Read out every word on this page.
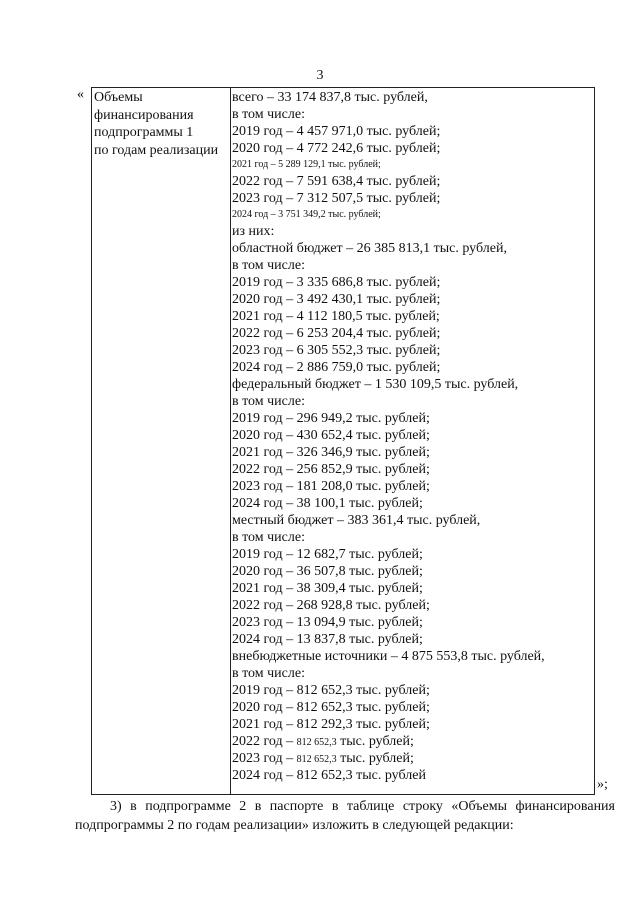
3
« Объемы
финансирования
подпрограммы 1
по годам реализации
всего – 33 174 837,8 тыс. рублей,
в том числе:
2019 год – 4 457 971,0 тыс. рублей;
2020 год – 4 772 242,6 тыс. рублей;
2021 год – 5 289 129,1 тыс. рублей;
2022 год – 7 591 638,4 тыс. рублей;
2023 год – 7 312 507,5 тыс. рублей;
2024 год – 3 751 349,2 тыс. рублей;
из них:
областной бюджет – 26 385 813,1 тыс. рублей,
в том числе:
2019 год – 3 335 686,8 тыс. рублей;
2020 год – 3 492 430,1 тыс. рублей;
2021 год – 4 112 180,5 тыс. рублей;
2022 год – 6 253 204,4 тыс. рублей;
2023 год – 6 305 552,3 тыс. рублей;
2024 год – 2 886 759,0 тыс. рублей;
федеральный бюджет – 1 530 109,5 тыс. рублей,
в том числе:
2019 год – 296 949,2 тыс. рублей;
2020 год – 430 652,4 тыс. рублей;
2021 год – 326 346,9 тыс. рублей;
2022 год – 256 852,9 тыс. рублей;
2023 год – 181 208,0 тыс. рублей;
2024 год – 38 100,1 тыс. рублей;
местный бюджет – 383 361,4 тыс. рублей,
в том числе:
2019 год – 12 682,7 тыс. рублей;
2020 год – 36 507,8 тыс. рублей;
2021 год – 38 309,4 тыс. рублей;
2022 год – 268 928,8 тыс. рублей;
2023 год – 13 094,9 тыс. рублей;
2024 год – 13 837,8 тыс. рублей;
внебюджетные источники – 4 875 553,8 тыс. рублей,
в том числе:
2019 год – 812 652,3 тыс. рублей;
2020 год – 812 652,3 тыс. рублей;
2021 год – 812 292,3 тыс. рублей;
2022 год – 812 652,3 тыс. рублей;
2023 год – 812 652,3 тыс. рублей;
2024 год – 812 652,3 тыс. рублей
»;
3) в подпрограмме 2 в паспорте в таблице строку «Объемы финансирования подпрограммы 2 по годам реализации» изложить в следующей редакции:
